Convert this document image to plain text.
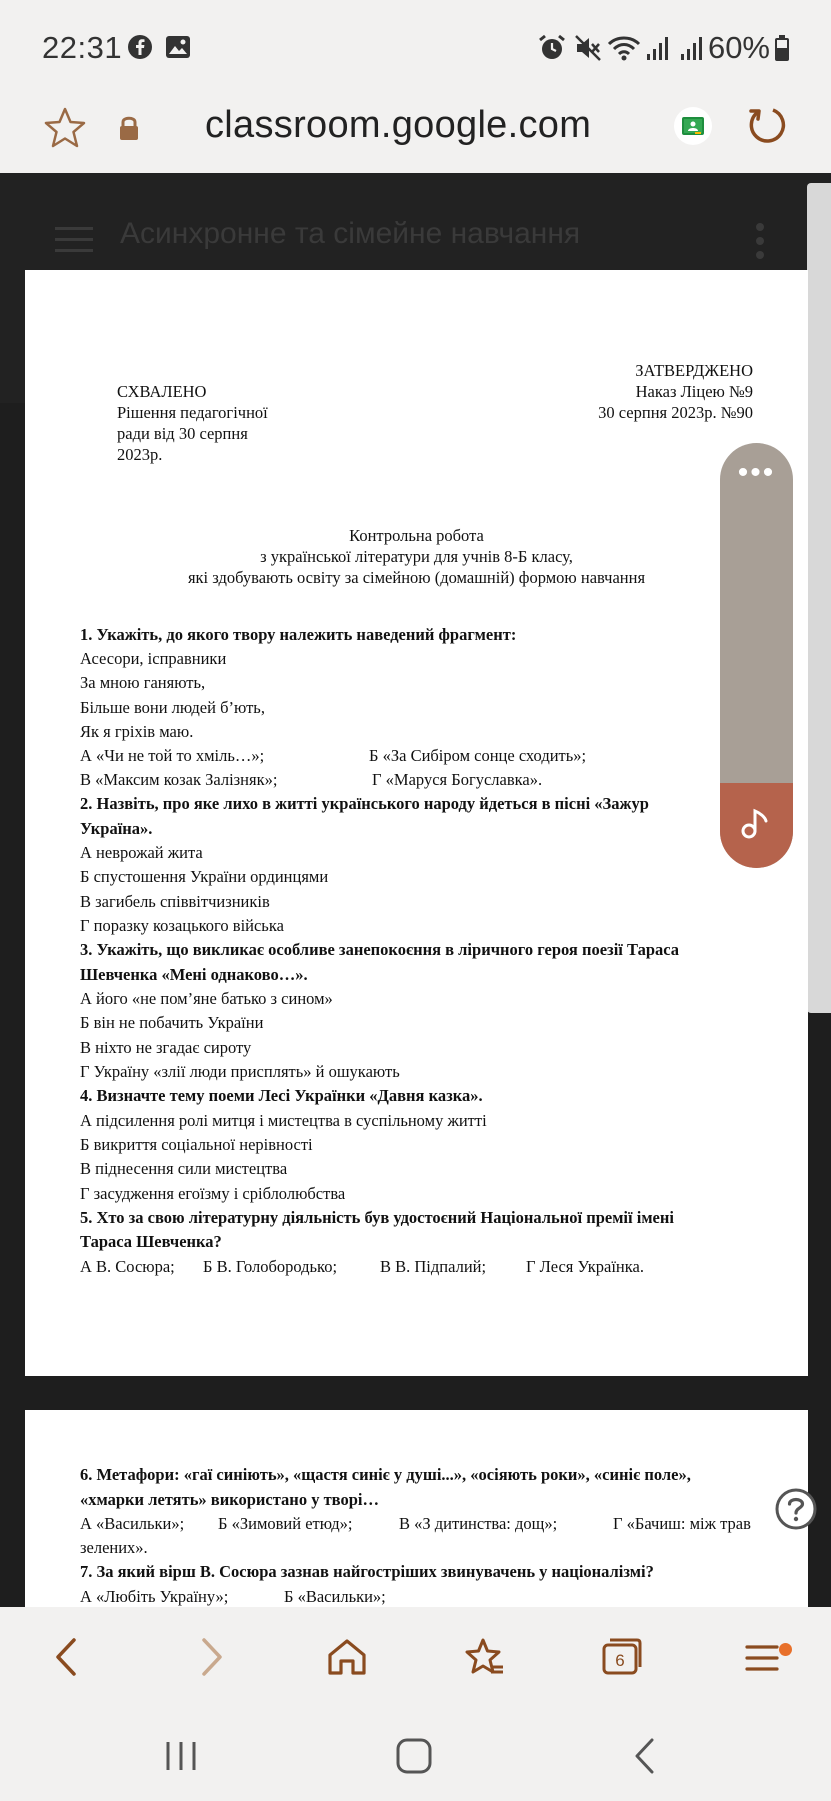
22:31	60%
classroom.google.com
Асинхронне та сімейне навчання
СХВАЛЕНО
Рішення педагогічної
ради від 30 серпня
2023р.
ЗАТВЕРДЖЕНО
Наказ Ліцею №9
30 серпня 2023р. №90
Контрольна робота
з української літератури для учнів 8-Б класу,
які здобувають освіту за сімейною (домашній) формою навчання
1. Укажіть, до якого твору належить наведений фрагмент:
Асесори, ісправники
За мною ганяють,
Більше вони людей б’ють,
Як я гріхів маю.
А «Чи не той то хміль…»;	Б «За Сибіром сонце сходить»;
В «Максим козак Залізняк»;	Г «Маруся Богуславка».
2. Назвіть, про яке лихо в житті українського народу йдеться в пісні «Зажур
Україна».
А неврожай жита
Б спустошення України ординцями
В загибель співвітчизників
Г поразку козацького війська
3. Укажіть, що викликає особливе занепокоєння в ліричного героя поезії Тараса
Шевченка «Мені однаково…».
А його «не пом’яне батько з сином»
Б він не побачить України
В ніхто не згадає сироту
Г Україну «злії люди присплять» й ошукають
4. Визначте тему поеми Лесі Українки «Давня казка».
А підсилення ролі митця і мистецтва в суспільному житті
Б викриття соціальної нерівності
В піднесення сили мистецтва
Г засудження егоїзму і сріблолюбства
5. Хто за свою літературну діяльність був удостоєний Національної премії імені
Тараса Шевченка?
А В. Сосюра; Б В. Голобородько;	В В. Підпалий; Г Леся Українка.
6. Метафори: «гаї синіють», «щастя синіє у душі...», «осіяють роки», «синіє поле»,
«хмарки летять» використано у творі…
А «Васильки»; Б «Зимовий етюд»;	В «З дитинства: дощ»;	Г «Бачиш: між трав
зелених».
7. За який вірш В. Сосюра зазнав найгостріших звинувачень у націоналізмі?
А «Любіть Україну»;	Б «Васильки»;
•••
6
